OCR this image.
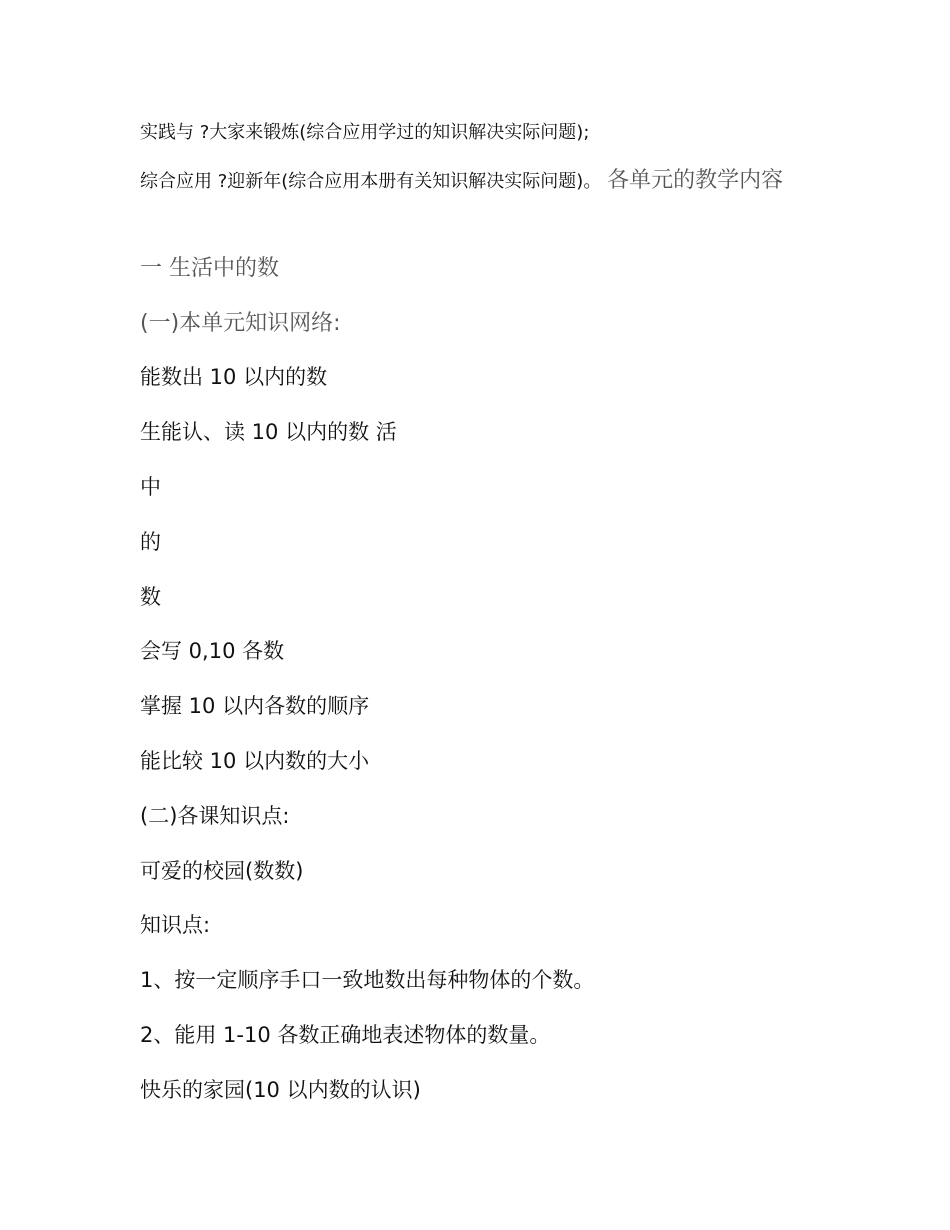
实践与 ?大家来锻炼(综合应用学过的知识解决实际问题);
综合应用 ?迎新年(综合应用本册有关知识解决实际问题)。 各单元的教学内容
一 生活中的数
(一)本单元知识网络:
能数出 10 以内的数
生能认、读 10 以内的数 活
中
的
数
会写 0,10 各数
掌握 10 以内各数的顺序
能比较 10 以内数的大小
(二)各课知识点:
可爱的校园(数数)
知识点:
1、按一定顺序手口一致地数出每种物体的个数。
2、能用 1-10 各数正确地表述物体的数量。
快乐的家园(10 以内数的认识)
